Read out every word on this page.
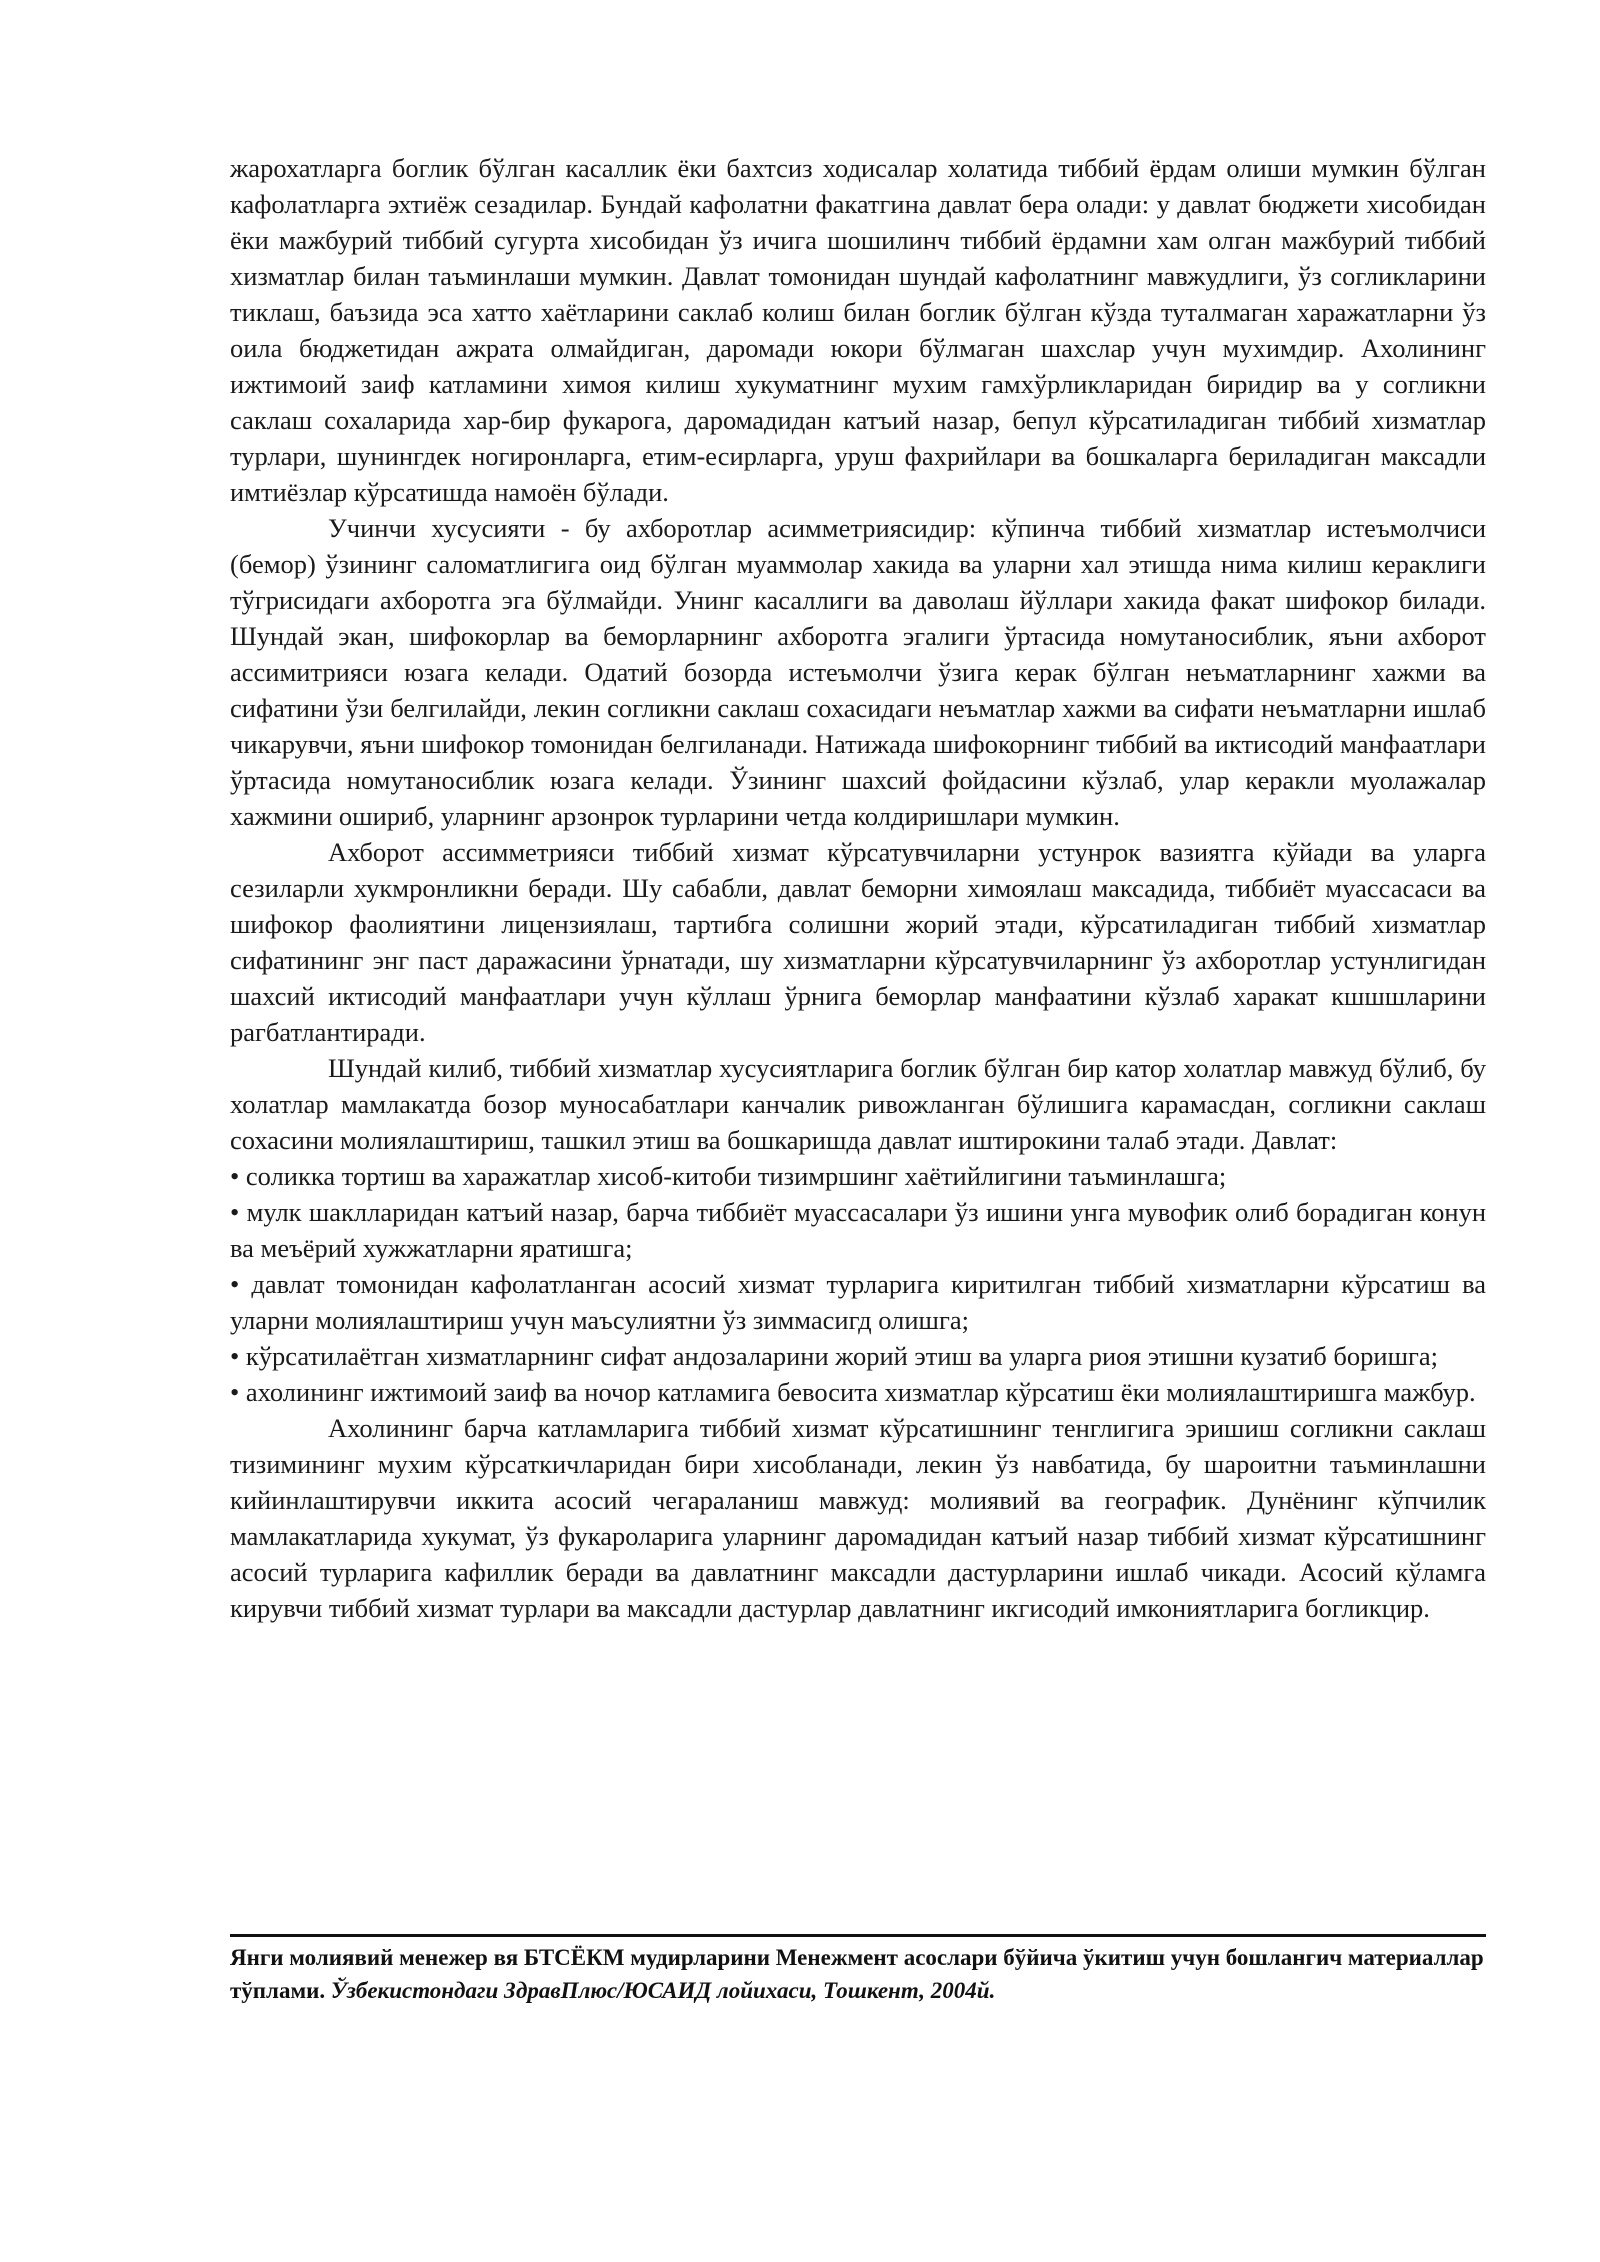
жарохатларга боглик бўлган касаллик ёки бахтсиз ходисалар холатида тиббий ёрдам олиши мумкин бўлган кафолатларга эхтиёж сезадилар. Бундай кафолатни факатгина давлат бера олади: у давлат бюджети хисобидан ёки мажбурий тиббий сугурта хисобидан ўз ичига шошилинч тиббий ёрдамни хам олган мажбурий тиббий хизматлар билан таъминлаши мумкин. Давлат томонидан шундай кафолатнинг мавжудлиги, ўз согликларини тиклаш, баъзида эса хатто хаётларини саклаб колиш билан боглик бўлган кўзда туталмаган харажатларни ўз оила бюджетидан ажрата олмайдиган, даромади юкори бўлмаган шахслар учун мухимдир. Ахолининг ижтимоий заиф катламини химоя килиш хукуматнинг мухим гамхўрликларидан биридир ва у согликни саклаш сохаларида хар-бир фукарога, даромадидан катъий назар, бепул кўрсатиладиган тиббий хизматлар турлари, шунингдек ногиронларга, етим-есирларга, уруш фахрийлари ва бошкаларга бериладиган максадли имтиёзлар кўрсатишда намоён бўлади.

Учинчи хусусияти - бу ахборотлар асимметриясидир: кўпинча тиббий хизматлар истеъмолчиси (бемор) ўзининг саломатлигига оид бўлган муаммолар хакида ва уларни хал этишда нима килиш кераклиги тўгрисидаги ахборотга эга бўлмайди. Унинг касаллиги ва даволаш йўллари хакида факат шифокор билади. Шундай экан, шифокорлар ва беморларнинг ахборотга эгалиги ўртасида номутаносиблик, яъни ахборот ассимитрияси юзага келади. Одатий бозорда истеъмолчи ўзига керак бўлган неъматларнинг хажми ва сифатини ўзи белгилайди, лекин согликни саклаш сохасидаги неъматлар хажми ва сифати неъматларни ишлаб чикарувчи, яъни шифокор томонидан белгиланади. Натижада шифокорнинг тиббий ва иктисодий манфаатлари ўртасида номутаносиблик юзага келади. Ўзининг шахсий фойдасини кўзлаб, улар керакли муолажалар хажмини ошириб, уларнинг арзонрок турларини четда колдиришлари мумкин.

Ахборот ассимметрияси тиббий хизмат кўрсатувчиларни устунрок вазиятга кўйади ва уларга сезиларли хукмронликни беради. Шу сабабли, давлат беморни химоялаш максадида, тиббиёт муассасаси ва шифокор фаолиятини лицензиялаш, тартибга солишни жорий этади, кўрсатиладиган тиббий хизматлар сифатининг энг паст даражасини ўрнатади, шу хизматларни кўрсатувчиларнинг ўз ахборотлар устунлигидан шахсий иктисодий манфаатлари учун кўллаш ўрнига беморлар манфаатини кўзлаб харакат кшшшларини рагбатлантиради.

Шундай килиб, тиббий хизматлар хусусиятларига боглик бўлган бир катор холатлар мавжуд бўлиб, бу холатлар мамлакатда бозор муносабатлари канчалик ривожланган бўлишига карамасдан, согликни саклаш сохасини молиялаштириш, ташкил этиш ва бошкаришда давлат иштирокини талаб этади. Давлат:

• соликка тортиш ва харажатлар хисоб-китоби тизимршинг хаётийлигини таъминлашга;

• мулк шаклларидан катъий назар, барча тиббиёт муассасалари ўз ишини унга мувофик олиб борадиган конун ва меъёрий хужжатларни яратишга;

• давлат томонидан кафолатланган асосий хизмат турларига киритилган тиббий хизматларни кўрсатиш ва уларни молиялаштириш учун маъсулиятни ўз зиммасигд олишга;

• кўрсатилаётган хизматларнинг сифат андозаларини жорий этиш ва уларга риоя этишни кузатиб боришга;

• ахолининг ижтимоий заиф ва ночор катламига бевосита хизматлар кўрсатиш ёки молиялаштиришга мажбур.

Ахолининг барча катламларига тиббий хизмат кўрсатишнинг тенглигига эришиш согликни саклаш тизимининг мухим кўрсаткичларидан бири хисобланади, лекин ўз навбатида, бу шароитни таъминлашни кийинлаштирувчи иккита асосий чегараланиш мавжуд: молиявий ва географик. Дунёнинг кўпчилик мамлакатларида хукумат, ўз фукароларига уларнинг даромадидан катъий назар тиббий хизмат кўрсатишнинг асосий турларига кафиллик беради ва давлатнинг максадли дастурларини ишлаб чикади. Асосий кўламга кирувчи тиббий хизмат турлари ва максадли дастурлар давлатнинг икгисодий имкониятларига богликцир.

Янги молиявий менежер вя БТСЁКМ мудирларини Менежмент асослари бўйича ўкитиш учун бошлангич материаллар тўплами. Ўзбекистондаги ЗдравПлюс/ЮСАИД лойихаси, Тошкент, 2004й.
